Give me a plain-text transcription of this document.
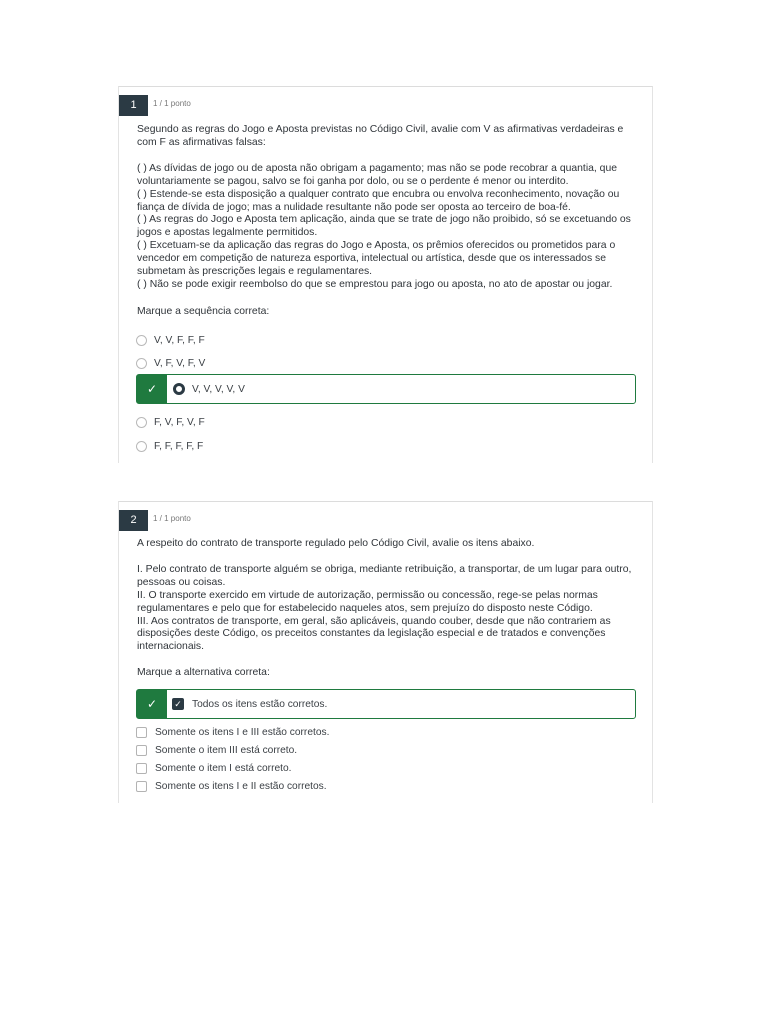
1	1 / 1 ponto

Segundo as regras do Jogo e Aposta previstas no Código Civil, avalie com V as afirmativas verdadeiras e com F as afirmativas falsas:

( ) As dívidas de jogo ou de aposta não obrigam a pagamento; mas não se pode recobrar a quantia, que voluntariamente se pagou, salvo se foi ganha por dolo, ou se o perdente é menor ou interdito.

( ) Estende-se esta disposição a qualquer contrato que encubra ou envolva reconhecimento, novação ou fiança de dívida de jogo; mas a nulidade resultante não pode ser oposta ao terceiro de boa-fé.

( ) As regras do Jogo e Aposta tem aplicação, ainda que se trate de jogo não proibido, só se excetuando os jogos e apostas legalmente permitidos.

( ) Excetuam-se da aplicação das regras do Jogo e Aposta, os prêmios oferecidos ou prometidos para o vencedor em competição de natureza esportiva, intelectual ou artística, desde que os interessados se submetam às prescrições legais e regulamentares.

( ) Não se pode exigir reembolso do que se emprestou para jogo ou aposta, no ato de apostar ou jogar.

Marque a sequência correta:
V, V, F, F, F
V, F, V, F, V
✓	V, V, V, V, V
F, V, F, V, F
F, F, F, F, F
2	1 / 1 ponto

A respeito do contrato de transporte regulado pelo Código Civil, avalie os itens abaixo.

I. Pelo contrato de transporte alguém se obriga, mediante retribuição, a transportar, de um lugar para outro, pessoas ou coisas.

II. O transporte exercido em virtude de autorização, permissão ou concessão, rege-se pelas normas regulamentares e pelo que for estabelecido naqueles atos, sem prejuízo do disposto neste Código.

III. Aos contratos de transporte, em geral, são aplicáveis, quando couber, desde que não contrariem as disposições deste Código, os preceitos constantes da legislação especial e de tratados e convenções internacionais.

Marque a alternativa correta:
✓	✓ Todos os itens estão corretos.
Somente os itens I e III estão corretos.
Somente o item III está correto.
Somente o item I está correto.
Somente os itens I e II estão corretos.
